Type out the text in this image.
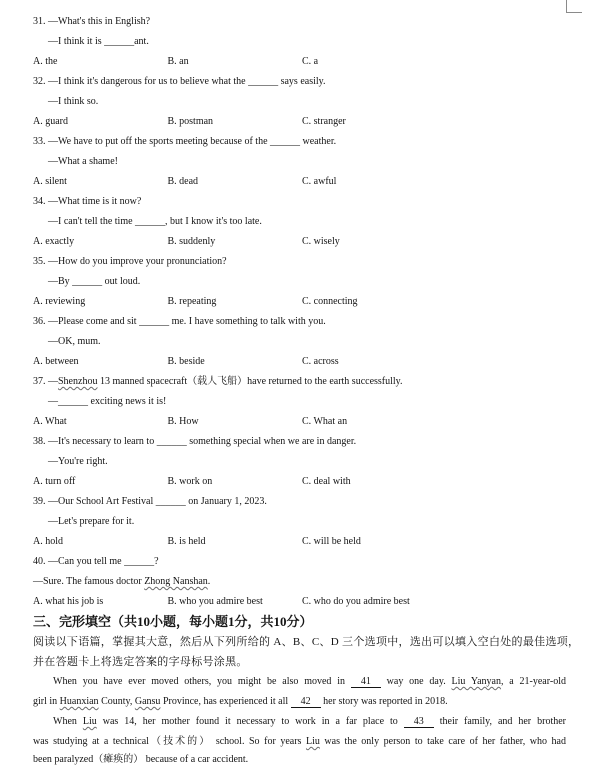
31. —What's this in English?
—I think it is ______ant.
A. the	B. an	C. a
32. —I think it's dangerous for us to believe what the ______ says easily.
—I think so.
A. guard	B. postman	C. stranger
33. —We have to put off the sports meeting because of the ______ weather.
—What a shame!
A. silent	B. dead	C. awful
34. —What time is it now?
—I can't tell the time ______, but I know it's too late.
A. exactly	B. suddenly	C. wisely
35. —How do you improve your pronunciation?
—By ______ out loud.
A. reviewing	B. repeating	C. connecting
36. —Please come and sit ______ me. I have something to talk with you.
—OK, mum.
A. between	B. beside	C. across
37. —Shenzhou 13 manned spacecraft（载人飞船）have returned to the earth successfully.
—______ exciting news it is!
A. What	B. How	C. What an
38. —It's necessary to learn to ______ something special when we are in danger.
—You're right.
A. turn off	B. work on	C. deal with
39. —Our School Art Festival ______ on January 1, 2023.
—Let's prepare for it.
A. hold	B. is held	C. will be held
40. —Can you tell me ______?
—Sure. The famous doctor Zhong Nanshan.
A. what his job is	B. who you admire best	C. who do you admire best
三、完形填空（共10小题，每小题1分，共10分）
阅读以下语篇，掌握其大意，然后从下列所给的 A、B、C、D 三个选项中，选出可以填入空白处的最佳选项，
并在答题卡上将选定答案的字母标号涂黑。
When you have ever moved others, you might be also moved in 41 way one day. Liu Yanyan, a 21-year-old
girl in Huanxian County, Gansu Province, has experienced it all 42 her story was reported in 2018.
When Liu was 14, her mother found it necessary to work in a far place to 43 their family, and her brother
was studying at a technical（技术的） school. So for years Liu was the only person to take care of her father, who had
been paralyzed（瘫痪的） because of a car accident.
